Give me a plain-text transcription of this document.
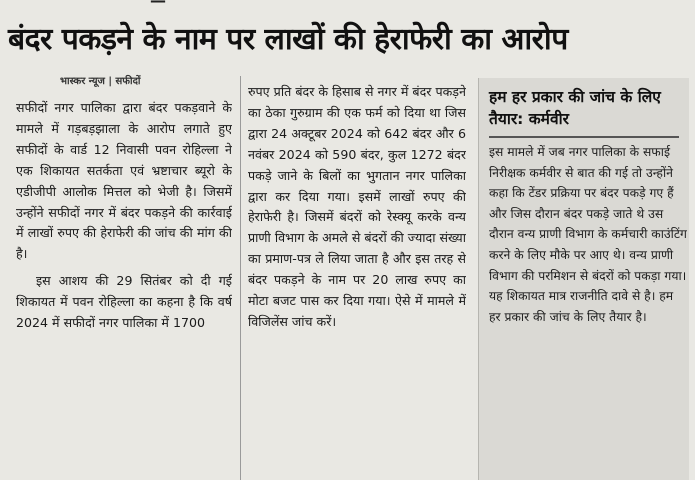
—
बंदर पकड़ने के नाम पर लाखों की हेराफेरी का आरोप
भास्कर न्यूज | सफीदों

सफीदों नगर पालिका द्वारा बंदर पकड़वाने के मामले में गड़बड़झाला के आरोप लगाते हुए सफीदों के वार्ड 12 निवासी पवन रोहिल्ला ने एक शिकायत सतर्कता एवं भ्रष्टाचार ब्यूरो के एडीजीपी आलोक मित्तल को भेजी है। जिसमें उन्होंने सफीदों नगर में बंदर पकड़ने की कार्रवाई में लाखों रुपए की हेराफेरी की जांच की मांग की है।

इस आशय की 29 सितंबर को दी गई शिकायत में पवन रोहिल्ला का कहना है कि वर्ष 2024 में सफीदों नगर पालिका में 1700

रुपए प्रति बंदर के हिसाब से नगर में बंदर पकड़ने का ठेका गुरुग्राम की एक फर्म को दिया था जिस द्वारा 24 अक्टूबर 2024 को 642 बंदर और 6 नवंबर 2024 को 590 बंदर, कुल 1272 बंदर पकड़े जाने के बिलों का भुगतान नगर पालिका द्वारा कर दिया गया। इसमें लाखों रुपए की हेराफेरी है। जिसमें बंदरों को रेस्क्यू करके वन्य प्राणी विभाग के अमले से बंदरों की ज्यादा संख्या का प्रमाण-पत्र ले लिया जाता है और इस तरह से बंदर पकड़ने के नाम पर 20 लाख रुपए का मोटा बजट पास कर दिया गया। ऐसे में मामले में विजिलेंस जांच करें।

हम हर प्रकार की जांच के लिए तैयार: कर्मवीर

इस मामले में जब नगर पालिका के सफाई निरीक्षक कर्मवीर से बात की गई तो उन्होंने कहा कि टेंडर प्रक्रिया पर बंदर पकड़े गए हैं और जिस दौरान बंदर पकड़े जाते थे उस दौरान वन्य प्राणी विभाग के कर्मचारी काउंटिंग करने के लिए मौके पर आए थे। वन्य प्राणी विभाग की परमिशन से बंदरों को पकड़ा गया। यह शिकायत मात्र राजनीति दावे से है। हम हर प्रकार की जांच के लिए तैयार है।
